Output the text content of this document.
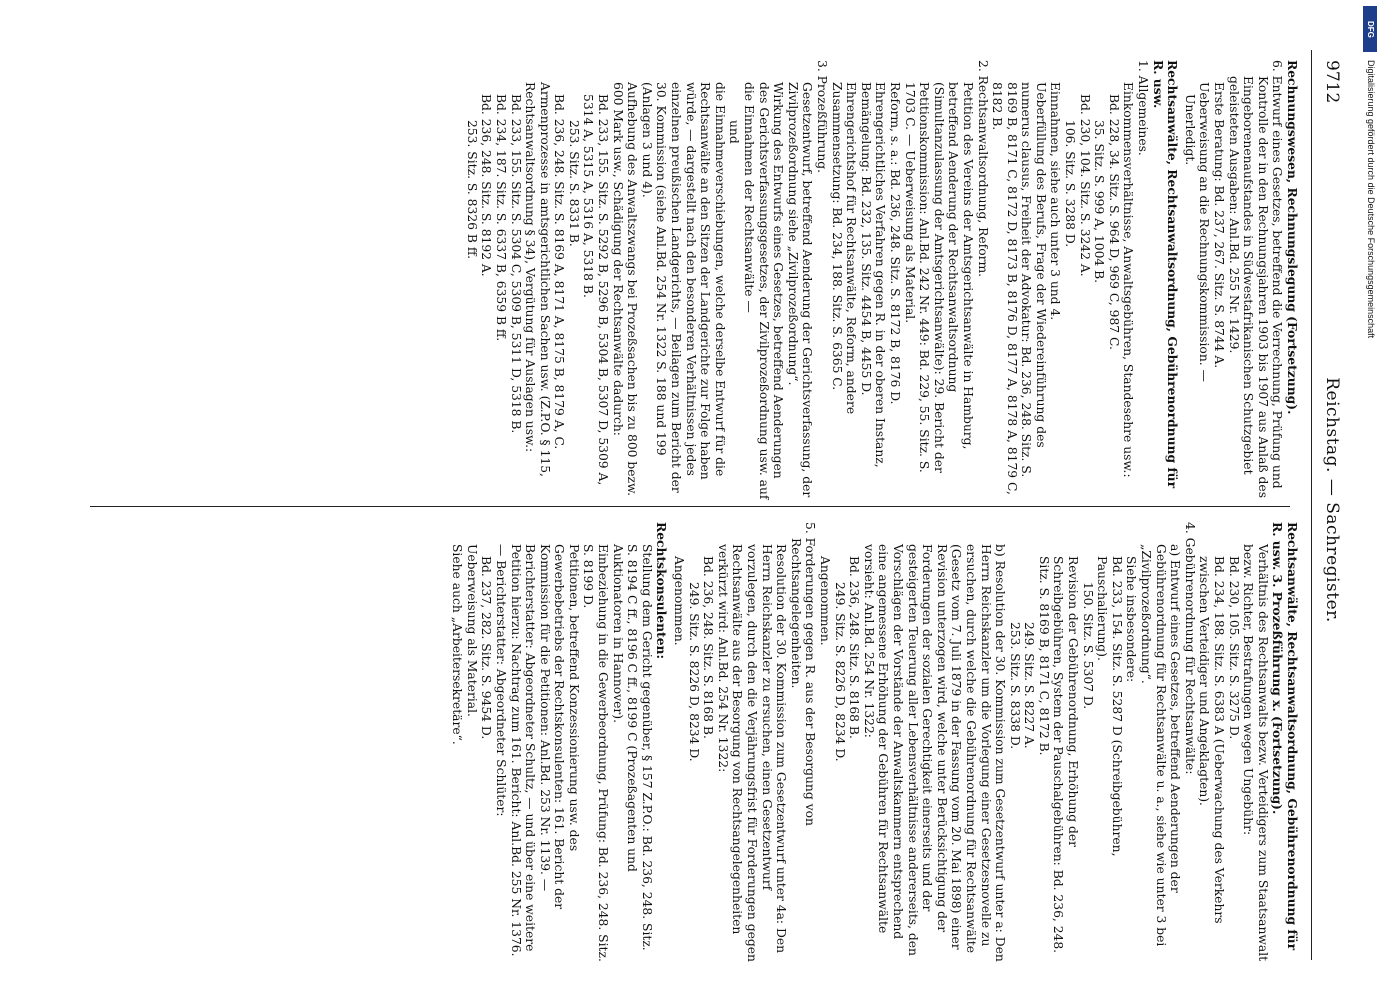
9712
Reichstag. — Sachregister.

Rechnungswesen, Rechnungslegung (Fortsetzung).

6. Entwurf eines Gesetzes, betreffend die Verrechnung, Prüfung und Kontrolle der in den Rechnungsjahren 1903 bis 1907 aus Anlaß des Eingeborenenaufstandes in Südwestafrikanischen Schutzgebiet geleisteten Ausgaben: Anl.Bd. 255 Nr. 1429.

Erste Beratung: Bd. 237, 267. Sitz. S. 8744 A.

Ueberweisung an die Rechnungskommission. —

Unerledigt.

Rechtsanwälte, Rechtsanwaltsordnung, Gebührenordnung für R. usw.

1. Allgemeines.

Einkommensverhältnisse, Anwaltsgebühren, Standesehre usw.:

Bd. 228, 34. Sitz. S. 964 D, 969 C, 987 C.

35. Sitz. S. 999 A, 1004 B.

Bd. 230, 104. Sitz. S. 3242 A.

106. Sitz. S. 3288 D.

Einnahmen, siehe auch unter 3 und 4.

Ueberfüllung des Berufs, Frage der Wiedereinführung des numerus clausus, Freiheit der Advokatur: Bd. 236, 248. Sitz. S. 8169 B, 8171 C, 8172 D, 8173 B, 8176 D, 8177 A, 8178 A, 8179 C, 8182 B.

2. Rechtsanwaltsordnung, Reform.

Petition des Vereins der Amtsgerichtsanwälte in Hamburg, betreffend Aenderung der Rechtsanwaltsordnung (Simultanzulassung der Amtsgerichtsanwälte): 29. Bericht der Petitionskommission: Anl.Bd. 242 Nr. 449: Bd. 229, 55. Sitz. S. 1703 C. — Ueberweisung als Material.

Reform, s. a.: Bd. 236, 248. Sitz. S. 8172 B, 8176 D.

Ehrengerichtliches Verfahren gegen R. in der oberen Instanz, Bemängelung: Bd. 232, 135. Sitz. 4454 B, 4455 D.

Ehrengerichtshof für Rechtsanwälte, Reform, andere Zusammensetzung: Bd. 234, 188. Sitz. S. 6365 C.

3. Prozeßführung.

Gesetzentwurf, betreffend Aenderung der Gerichtsverfassung, der Zivilprozeßordnung siehe „Zivilprozeßordnung“.

Wirkung des Entwurfs eines Gesetzes, betreffend Aenderungen des Gerichtsverfassungsgesetzes, der Zivilprozeßordnung usw. auf die Einnahmen der Rechtsanwälte —

und

die Einnahmeverschiebungen, welche derselbe Entwurf für die Rechtsanwälte an den Sitzen der Landgerichte zur Folge haben würde, — dargestellt nach den besonderen Verhältnissen jedes einzelnen preußischen Landgerichts, — Beilagen zum Bericht der 30. Kommission (siehe Anl.Bd. 254 Nr. 1322 S. 188 und 199 (Anlagen 3 und 4).

Aufhebung des Anwaltszwangs bei Prozeßsachen bis zu 800 bezw. 600 Mark usw., Schädigung der Rechtsanwälte dadurch:

Bd. 233, 155. Sitz. S. 5292 B, 5296 B, 5304 B, 5307 D, 5309 A, 5314 A, 5315 A, 5316 A, 5318 B.

253. Sitz. S. 8331 B.

Bd. 236, 248. Sitz. S. 8169 A, 8171 A, 8175 B, 8179 A, C.

Armenprozesse in amtsgerichtlichen Sachen usw. (Z.P.O. § 115, Rechtsanwaltsordnung § 34), Vergütung für Auslagen usw.:

Bd. 233, 155. Sitz. S. 5304 C, 5309 B, 5311 D, 5318 B.

Bd. 234, 187. Sitz. S. 6337 B, 6359 B ff.

Bd. 236, 248. Sitz. S. 8192 A.

253. Sitz. S. 8326 B ff.

Rechtsanwälte, Rechtsanwaltsordnung, Gebührenordnung für R. usw. 3. Prozeßführung x. (Fortsetzung).

Verhältnis des Rechtsanwalts bezw. Verteidigers zum Staatsanwalt bezw. Richter, Bestrafungen wegen Ungebühr:

Bd. 230, 105. Sitz. S. 3275 D.

Bd. 234, 188. Sitz. S. 6383 A (Ueberwachung des Verkehrs zwischen Verteidiger und Angeklagten).

4. Gebührenordnung für Rechtsanwälte:

a) Entwurf eines Gesetzes, betreffend Aenderungen der Gebührenordnung für Rechtsanwälte u. a., siehe wie unter 3 bei „Zivilprozeßordnung“.

Siehe insbesondere:

Bd. 233, 154. Sitz. S. 5287 D (Schreibgebühren, Pauschalierung).

150. Sitz. S. 5307 D.

Revision der Gebührenordnung, Erhöhung der Schreibgebühren, System der Pauschalgebühren: Bd. 236, 248. Sitz. S. 8169 B, 8171 C, 8172 B.

249. Sitz. S. 8227 A.

253. Sitz. S. 8338 D.

b) Resolution der 30. Kommission zum Gesetzentwurf unter a: Den Herrn Reichskanzler um die Vorlegung einer Gesetzesnovelle zu ersuchen, durch welche die Gebührenordnung für Rechtsanwälte (Gesetz vom 7. Juli 1879 in der Fassung vom 20. Mai 1898) einer Revision unterzogen wird, welche unter Berücksichtigung der Forderungen der sozialen Gerechtigkeit einerseits und der gesteigerten Teuerung aller Lebensverhältnisse andererseits, den Vorschlägen der Vorstände der Anwaltskammern entsprechend eine angemessene Erhöhung der Gebühren für Rechtsanwälte vorsieht: Anl.Bd. 254 Nr. 1322:

Bd. 236, 248. Sitz. S. 8168 B.

249. Sitz. S. 8226 D, 8234 D.

Angenommen.

5. Forderungen gegen R. aus der Besorgung von Rechtsangelegenheiten.

Resolution der 30. Kommission zum Gesetzentwurf unter 4a: Den Herrn Reichskanzler zu ersuchen, einen Gesetzentwurf vorzulegen, durch den die Verjährungsfrist für Forderungen gegen Rechtsanwälte aus der Besorgung von Rechtsangelegenheiten verkürzt wird: Anl.Bd. 254 Nr. 1322:

Bd. 236, 248. Sitz. S. 8168 B.

249. Sitz. S. 8226 D, 8234 D.

Angenommen.

Rechtskonsulenten:

Stellung dem Gericht gegenüber, § 157 Z.P.O.: Bd. 236, 248. Sitz. S. 8194 C ff., 8196 C ff., 8199 C (Prozeßagenten und Auktionatoren in Hannover).

Einbeziehung in die Gewerbeordnung, Prüfung: Bd. 236, 248. Sitz. S. 8199 D.

Petitionen, betreffend Konzessionierung usw. des Gewerbebetriebs der Rechtskonsulenten: 161. Bericht der Kommission für die Petitionen: Anl.Bd. 253 Nr. 1139. — Berichterstatter: Abgeordneter Schultz, — und über eine weitere

Petition hierzu: Nachtrag zum 161. Bericht: Anl.Bd. 255 Nr. 1376. — Berichterstatter: Abgeordneter Schlüter:

Bd. 237, 282. Sitz. S. 9454 D.

Ueberweisung als Material.

Siehe auch „Arbeitersekretäre“.

DFG
Digitalisierung gefördert durch die Deutsche Forschungsgemeinschaft
